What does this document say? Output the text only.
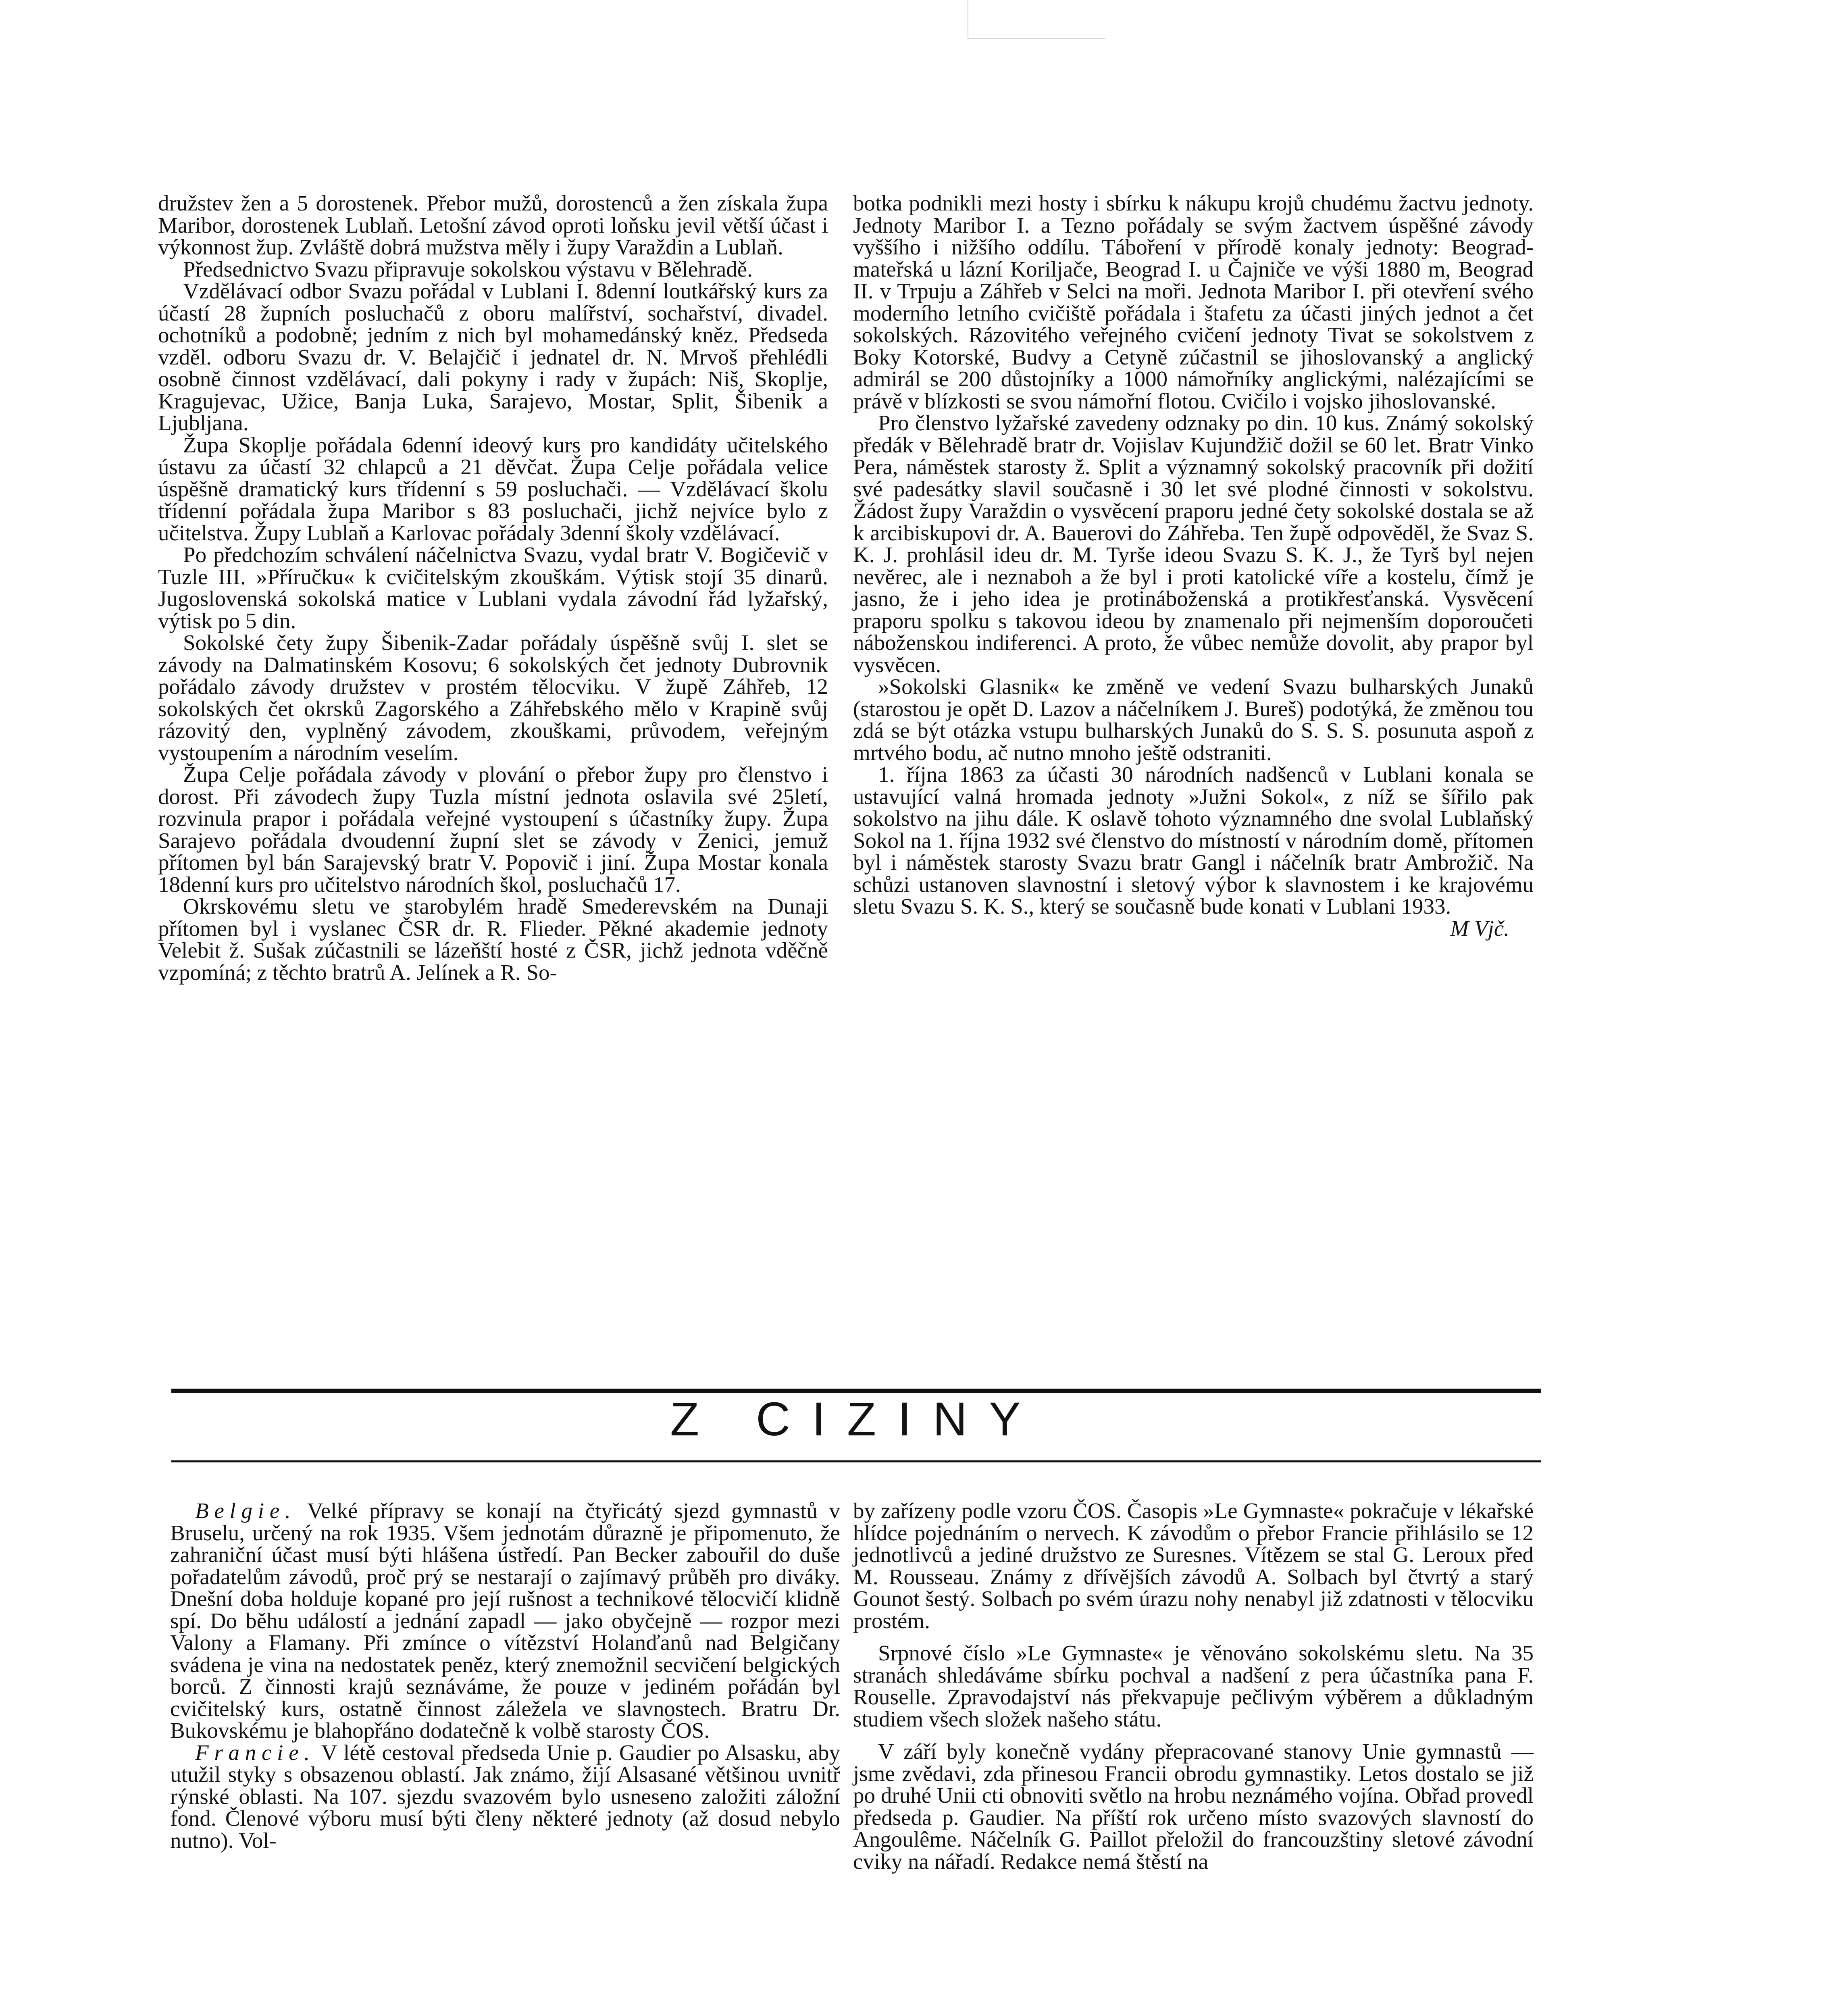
družstev žen a 5 dorostenek. Přebor mužů, dorostenců a žen získala župa Maribor, dorostenek Lublaň. Letošní závod oproti loňsku jevil větší účast i výkonnost žup. Zvláště dobrá mužstva měly i župy Varaždin a Lublaň.

Předsednictvo Svazu připravuje sokolskou výstavu v Bělehradě.

Vzdělávací odbor Svazu pořádal v Lublani I. 8denní loutkářský kurs za účastí 28 župních posluchačů z oboru malířství, sochařství, divadel. ochotníků a podobně; jedním z nich byl mohamedánský kněz. Předseda vzděl. odboru Svazu dr. V. Belajčič i jednatel dr. N. Mrvoš přehlédli osobně činnost vzdělávací, dali pokyny i rady v župách: Niš, Skoplje, Kragujevac, Užice, Banja Luka, Sarajevo, Mostar, Split, Šibenik a Ljubljana.

Župa Skoplje pořádala 6denní ideový kurs pro kandidáty učitelského ústavu za účastí 32 chlapců a 21 děvčat. Župa Celje pořádala velice úspěšně dramatický kurs třídenní s 59 posluchači. — Vzdělávací školu třídenní pořádala župa Maribor s 83 posluchači, jichž nejvíce bylo z učitelstva. Župy Lublaň a Karlovac pořádaly 3denní školy vzdělávací.

Po předchozím schválení náčelnictva Svazu, vydal bratr V. Bogičevič v Tuzle III. »Příručku« k cvičitelským zkouškám. Výtisk stojí 35 dinarů. Jugoslovenská sokolská matice v Lublani vydala závodní řád lyžařský, výtisk po 5 din.

Sokolské čety župy Šibenik-Zadar pořádaly úspěšně svůj I. slet se závody na Dalmatinském Kosovu; 6 sokolských čet jednoty Dubrovnik pořádalo závody družstev v prostém tělocviku. V župě Záhřeb, 12 sokolských čet okrsků Zagorského a Záhřebského mělo v Krapině svůj rázovitý den, vyplněný závodem, zkouškami, průvodem, veřejným vystoupením a národním veselím.

Župa Celje pořádala závody v plování o přebor župy pro členstvo i dorost. Při závodech župy Tuzla místní jednota oslavila své 25letí, rozvinula prapor i pořádala veřejné vystoupení s účastníky župy. Župa Sarajevo pořádala dvoudenní župní slet se závody v Zenici, jemuž přítomen byl bán Sarajevský bratr V. Popovič i jiní. Župa Mostar konala 18denní kurs pro učitelstvo národních škol, posluchačů 17.

Okrskovému sletu ve starobylém hradě Smederevském na Dunaji přítomen byl i vyslanec ČSR dr. R. Flieder. Pěkné akademie jednoty Velebit ž. Sušak zúčastnili se lázeňští hosté z ČSR, jichž jednota vděčně vzpomíná; z těchto bratrů A. Jelínek a R. So-

botka podnikli mezi hosty i sbírku k nákupu krojů chudému žactvu jednoty. Jednoty Maribor I. a Tezno pořádaly se svým žactvem úspěšné závody vyššího i nižšího oddílu. Táboření v přírodě konaly jednoty: Beograd-mateřská u lázní Koriljače, Beograd I. u Čajniče ve výši 1880 m, Beograd II. v Trpuju a Záhřeb v Selci na moři. Jednota Maribor I. při otevření svého moderního letního cvičiště pořádala i štafetu za účasti jiných jednot a čet sokolských. Rázovitého veřejného cvičení jednoty Tivat se sokolstvem z Boky Kotorské, Budvy a Cetyně zúčastnil se jihoslovanský a anglický admirál se 200 důstojníky a 1000 námořníky anglickými, nalézajícími se právě v blízkosti se svou námořní flotou. Cvičilo i vojsko jihoslovanské.

Pro členstvo lyžařské zavedeny odznaky po din. 10 kus. Známý sokolský předák v Bělehradě bratr dr. Vojislav Kujundžič dožil se 60 let. Bratr Vinko Pera, náměstek starosty ž. Split a významný sokolský pracovník při dožití své padesátky slavil současně i 30 let své plodné činnosti v sokolstvu. Žádost župy Varaždin o vysvěcení praporu jedné čety sokolské dostala se až k arcibiskupovi dr. A. Bauerovi do Záhřeba. Ten župě odpověděl, že Svaz S. K. J. prohlásil ideu dr. M. Tyrše ideou Svazu S. K. J., že Tyrš byl nejen nevěrec, ale i neznaboh a že byl i proti katolické víře a kostelu, čímž je jasno, že i jeho idea je protináboženská a protikřesťanská. Vysvěcení praporu spolku s takovou ideou by znamenalo při nejmenším doporoučeti náboženskou indiferenci. A proto, že vůbec nemůže dovolit, aby prapor byl vysvěcen.

»Sokolski Glasnik« ke změně ve vedení Svazu bulharských Junaků (starostou je opět D. Lazov a náčelníkem J. Bureš) podotýká, že změnou tou zdá se být otázka vstupu bulharských Junaků do S. S. S. posunuta aspoň z mrtvého bodu, ač nutno mnoho ještě odstraniti.

1. října 1863 za účasti 30 národních nadšenců v Lublani konala se ustavující valná hromada jednoty »Južni Sokol«, z níž se šířilo pak sokolstvo na jihu dále. K oslavě tohoto významného dne svolal Lublaňský Sokol na 1. října 1932 své členstvo do místností v národním domě, přítomen byl i náměstek starosty Svazu bratr Gangl i náčelník bratr Ambrožič. Na schůzi ustanoven slavnostní i sletový výbor k slavnostem i ke krajovému sletu Svazu S. K. S., který se současně bude konati v Lublani 1933.

M Vjč.

Z CIZINY

Belgie. Velké přípravy se konají na čtyřicátý sjezd gymnastů v Bruselu, určený na rok 1935. Všem jednotám důrazně je připomenuto, že zahraniční účast musí býti hlášena ústředí. Pan Becker zabouřil do duše pořadatelům závodů, proč prý se nestarají o zajímavý průběh pro diváky. Dnešní doba holduje kopané pro její rušnost a technikové tělocvičí klidně spí. Do běhu událostí a jednání zapadl — jako obyčejně — rozpor mezi Valony a Flamany. Při zmínce o vítězství Holanďanů nad Belgičany svádena je vina na nedostatek peněz, který znemožnil secvičení belgických borců. Z činnosti krajů seznáváme, že pouze v jediném pořádán byl cvičitelský kurs, ostatně činnost záležela ve slavnostech. Bratru Dr. Bukovskému je blahopřáno dodatečně k volbě starosty ČOS.

Francie. V létě cestoval předseda Unie p. Gaudier po Alsasku, aby utužil styky s obsazenou oblastí. Jak známo, žijí Alsasané většinou uvnitř rýnské oblasti. Na 107. sjezdu svazovém bylo usneseno založiti záložní fond. Členové výboru musí býti členy některé jednoty (až dosud nebylo nutno). Vol-

by zařízeny podle vzoru ČOS. Časopis »Le Gymnaste« pokračuje v lékařské hlídce pojednáním o nervech. K závodům o přebor Francie přihlásilo se 12 jednotlivců a jediné družstvo ze Suresnes. Vítězem se stal G. Leroux před M. Rousseau. Známy z dřívějších závodů A. Solbach byl čtvrtý a starý Gounot šestý. Solbach po svém úrazu nohy nenabyl již zdatnosti v tělocviku prostém.

Srpnové číslo »Le Gymnaste« je věnováno sokolskému sletu. Na 35 stranách shledáváme sbírku pochval a nadšení z pera účastníka pana F. Rouselle. Zpravodajství nás překvapuje pečlivým výběrem a důkladným studiem všech složek našeho státu.

V září byly konečně vydány přepracované stanovy Unie gymnastů — jsme zvědavi, zda přinesou Francii obrodu gymnastiky. Letos dostalo se již po druhé Unii cti obnoviti světlo na hrobu neznámého vojína. Obřad provedl předseda p. Gaudier. Na příští rok určeno místo svazových slavností do Angoulême. Náčelník G. Paillot přeložil do francouzštiny sletové závodní cviky na nářadí. Redakce nemá štěstí na
